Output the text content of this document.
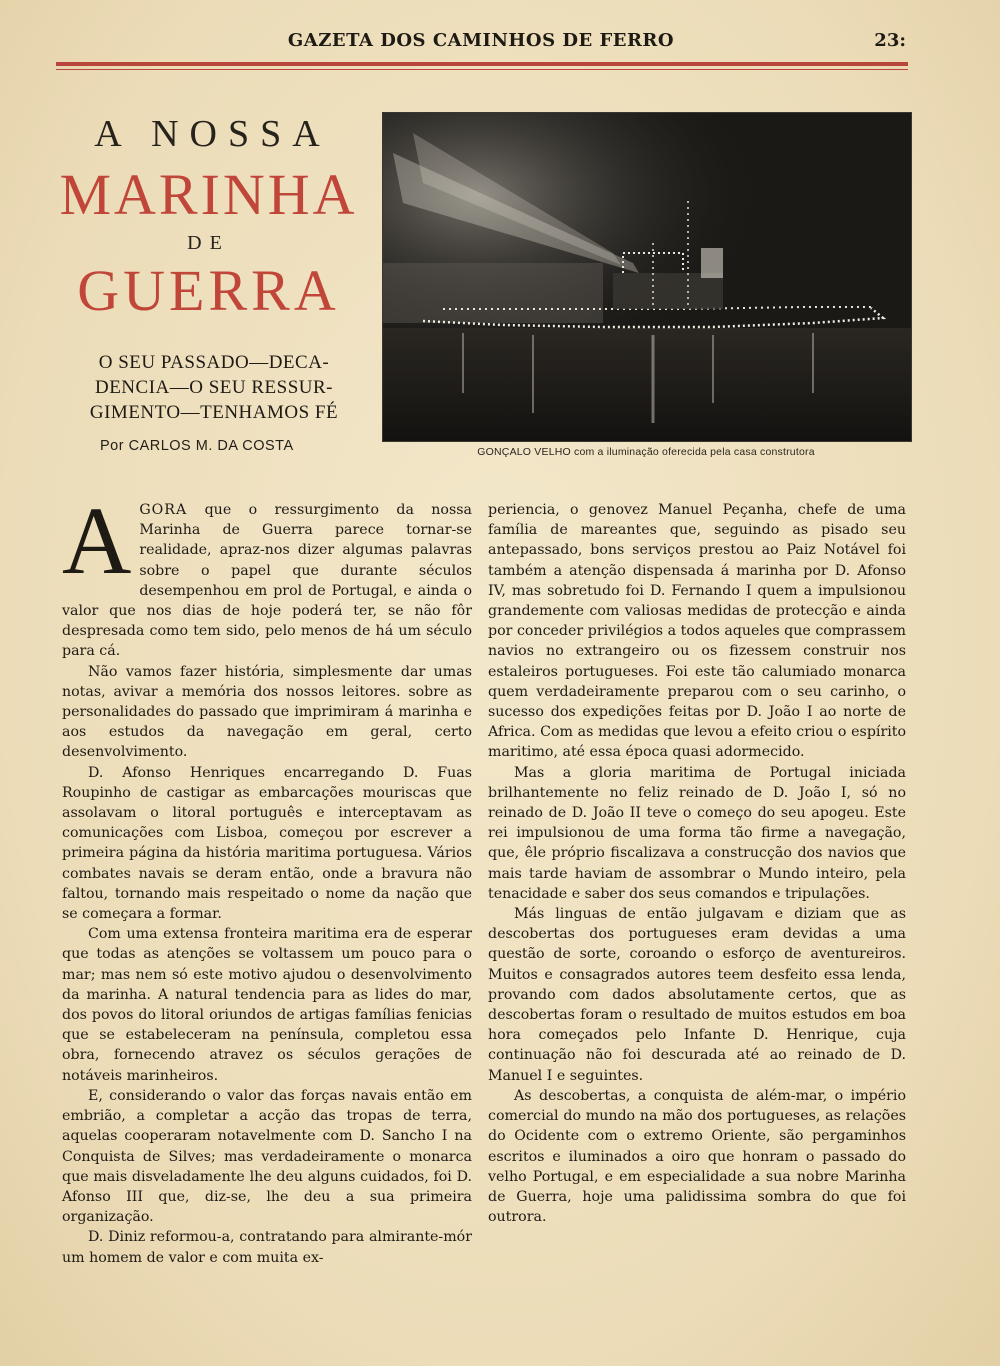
GAZETA DOS CAMINHOS DE FERRO	23:
A NOSSA
MARINHA
DE
GUERRA
O SEU PASSADO—DECA-
DENCIA—O SEU RESSUR-
GIMENTO—TENHAMOS FÉ
Por CARLOS M. DA COSTA	GONÇALO VELHO com a iluminação oferecida pela casa construtora

AGORA que o ressurgimento da nossa Marinha de Guerra parece tornar-se realidade, apraz-nos dizer algumas palavras sobre o papel que durante séculos desempenhou em prol de Portugal, e ainda o valor que nos dias de hoje poderá ter, se não fôr despresada como tem sido, pelo menos de há um século para cá.

Não vamos fazer história, simplesmente dar umas notas, avivar a memória dos nossos leitores. sobre as personalidades do passado que imprimiram á marinha e aos estudos da navegação em geral, certo desenvolvimento.

D. Afonso Henriques encarregando D. Fuas Roupinho de castigar as embarcações mouriscas que assolavam o litoral português e interceptavam as comunicações com Lisboa, começou por escrever a primeira página da história maritima portuguesa. Vários combates navais se deram então, onde a bravura não faltou, tornando mais respeitado o nome da nação que se começara a formar.

Com uma extensa fronteira maritima era de esperar que todas as atenções se voltassem um pouco para o mar; mas nem só este motivo ajudou o desenvolvimento da marinha. A natural tendencia para as lides do mar, dos povos do litoral oriundos de artigas famílias fenicias que se estabeleceram na península, completou essa obra, fornecendo atravez os séculos gerações de notáveis marinheiros.

E, considerando o valor das forças navais então em embrião, a completar a acção das tropas de terra, aquelas cooperaram notavelmente com D. Sancho I na Conquista de Silves; mas verdadeiramente o monarca que mais disveladamente lhe deu alguns cuidados, foi D. Afonso III que, diz-se, lhe deu a sua primeira organização.

D. Diniz reformou-a, contratando para almirante-mór um homem de valor e com muita ex-

periencia, o genovez Manuel Peçanha, chefe de uma família de mareantes que, seguindo as pisado seu antepassado, bons serviços prestou ao Paiz Notável foi também a atenção dispensada á marinha por D. Afonso IV, mas sobretudo foi D. Fernando I quem a impulsionou grandemente com valiosas medidas de protecção e ainda por conceder privilégios a todos aqueles que comprassem navios no extrangeiro ou os fizessem construir nos estaleiros portugueses. Foi este tão calumiado monarca quem verdadeiramente preparou com o seu carinho, o sucesso dos expedições feitas por D. João I ao norte de Africa. Com as medidas que levou a efeito criou o espírito maritimo, até essa época quasi adormecido.

Mas a gloria maritima de Portugal iniciada brilhantemente no feliz reinado de D. João I, só no reinado de D. João II teve o começo do seu apogeu. Este rei impulsionou de uma forma tão firme a navegação, que, êle próprio fiscalizava a construcção dos navios que mais tarde haviam de assombrar o Mundo inteiro, pela tenacidade e saber dos seus comandos e tripulações.

Más linguas de então julgavam e diziam que as descobertas dos portugueses eram devidas a uma questão de sorte, coroando o esforço de aventureiros. Muitos e consagrados autores teem desfeito essa lenda, provando com dados absolutamente certos, que as descobertas foram o resultado de muitos estudos em boa hora começados pelo Infante D. Henrique, cuja continuação não foi descurada até ao reinado de D. Manuel I e seguintes.

As descobertas, a conquista de além-mar, o império comercial do mundo na mão dos portugueses, as relações do Ocidente com o extremo Oriente, são pergaminhos escritos e iluminados a oiro que honram o passado do velho Portugal, e em especialidade a sua nobre Marinha de Guerra, hoje uma palidissima sombra do que foi outrora.
